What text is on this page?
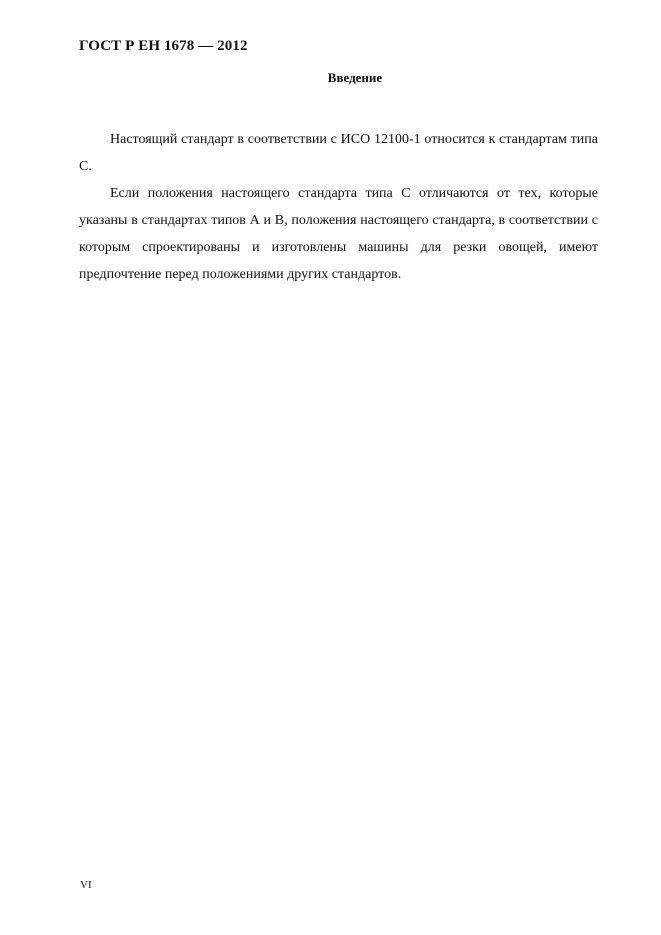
ГОСТ Р ЕН 1678 — 2012
Введение

Настоящий стандарт в соответствии с ИСО 12100-1 относится к стандартам типа С.

Если положения настоящего стандарта типа С отличаются от тех, которые указаны в стандартах типов А и В, положения настоящего стандарта, в соответствии с которым спроектированы и изготовлены машины для резки овощей, имеют предпочтение перед положениями других стандартов.

VI
